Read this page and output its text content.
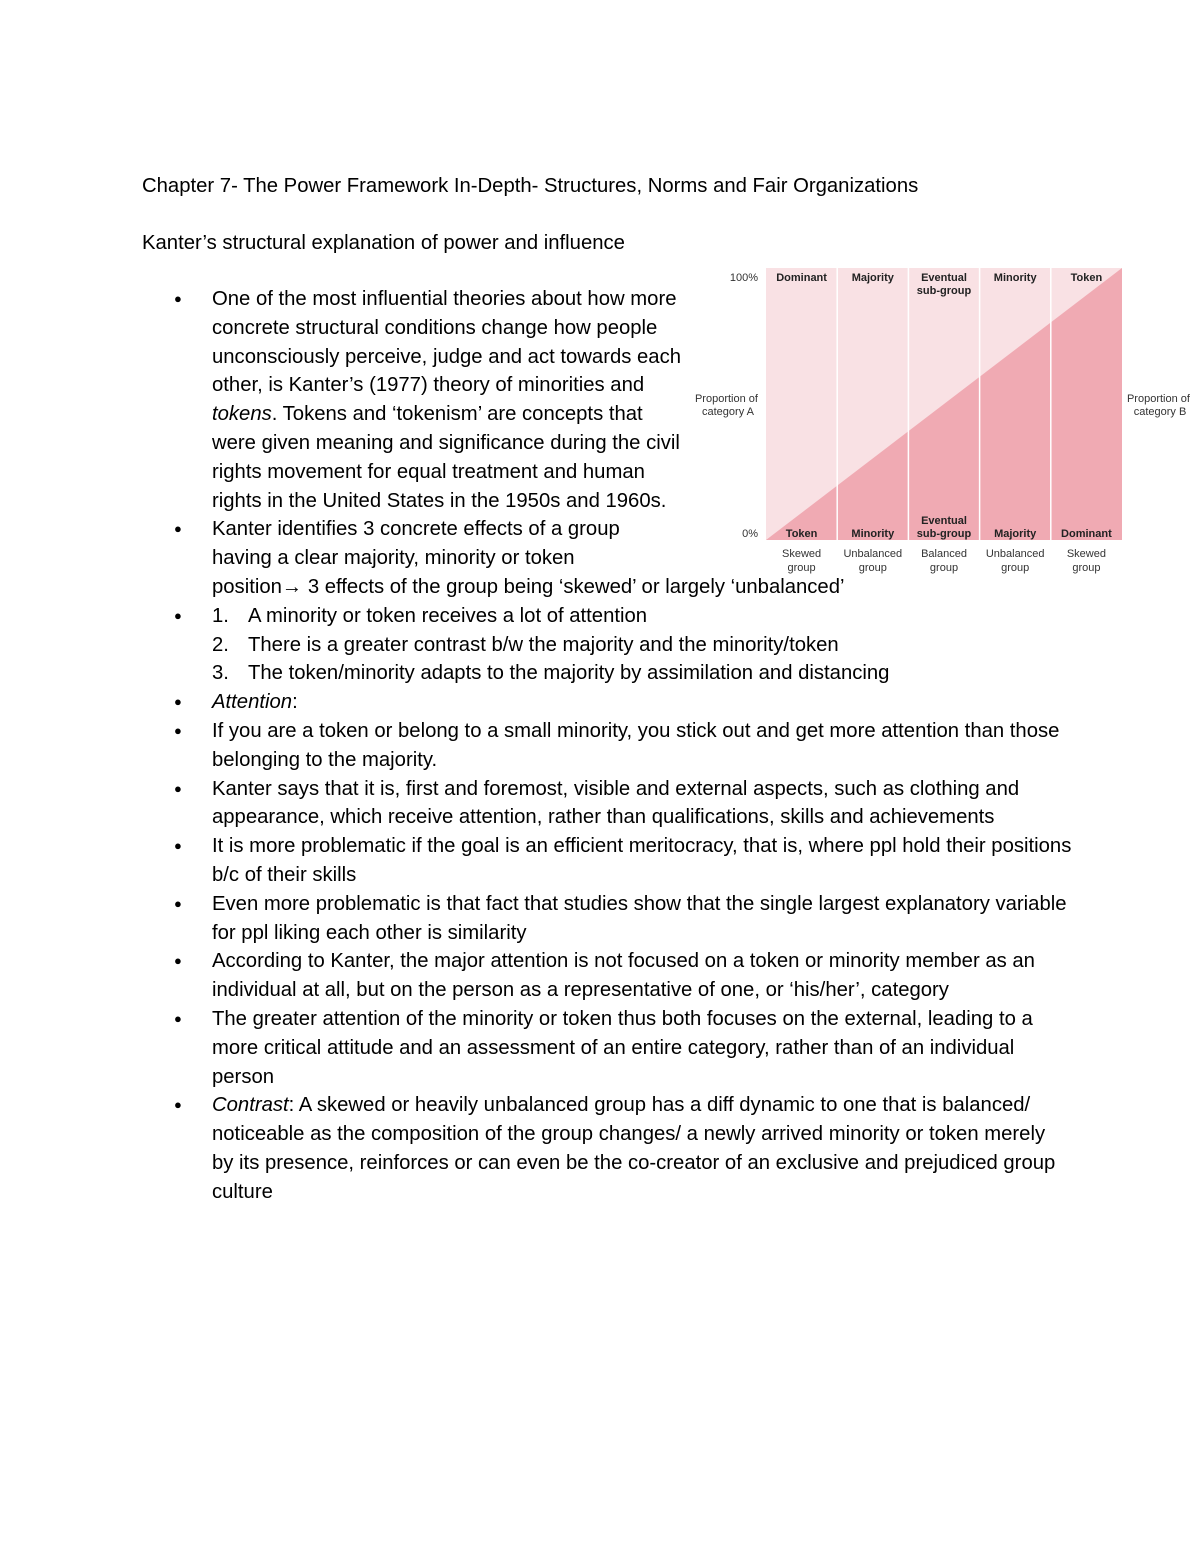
Chapter 7- The Power Framework In-Depth- Structures, Norms and Fair Organizations
Kanter’s structural explanation of power and influence
● One of the most influential theories about how more concrete structural conditions change how people unconsciously perceive, judge and act towards each other, is Kanter’s (1977) theory of minorities and tokens. Tokens and ‘tokenism’ are concepts that were given meaning and significance during the civil rights movement for equal treatment and human rights in the United States in the 1950s and 1960s.
● Kanter identifies 3 concrete effects of a group having a clear majority, minority or token
position→ 3 effects of the group being ‘skewed’ or largely ‘unbalanced’
● 1. A minority or token receives a lot of attention
2. There is a greater contrast b/w the majority and the minority/token
3. The token/minority adapts to the majority by assimilation and distancing
● Attention:
● If you are a token or belong to a small minority, you stick out and get more attention than those belonging to the majority.
● Kanter says that it is, first and foremost, visible and external aspects, such as clothing and appearance, which receive attention, rather than qualifications, skills and achievements
● It is more problematic if the goal is an efficient meritocracy, that is, where ppl hold their positions b/c of their skills
● Even more problematic is that fact that studies show that the single largest explanatory variable for ppl liking each other is similarity
● According to Kanter, the major attention is not focused on a token or minority member as an individual at all, but on the person as a representative of one, or ‘his/her’, category
● The greater attention of the minority or token thus both focuses on the external, leading to a more critical attitude and an assessment of an entire category, rather than of an individual person
● Contrast: A skewed or heavily unbalanced group has a diff dynamic to one that is balanced/ noticeable as the composition of the group changes/ a newly arrived minority or token merely by its presence, reinforces or can even be the co-creator of an exclusive and prejudiced group culture
100%
0%
Proportion of category A
Proportion of category B
Dominant
Token
Skewed group
Majority
Minority
Unbalanced group
Eventual sub-group
Eventual sub-group
Balanced group
Minority
Majority
Unbalanced group
Token
Dominant
Skewed group
